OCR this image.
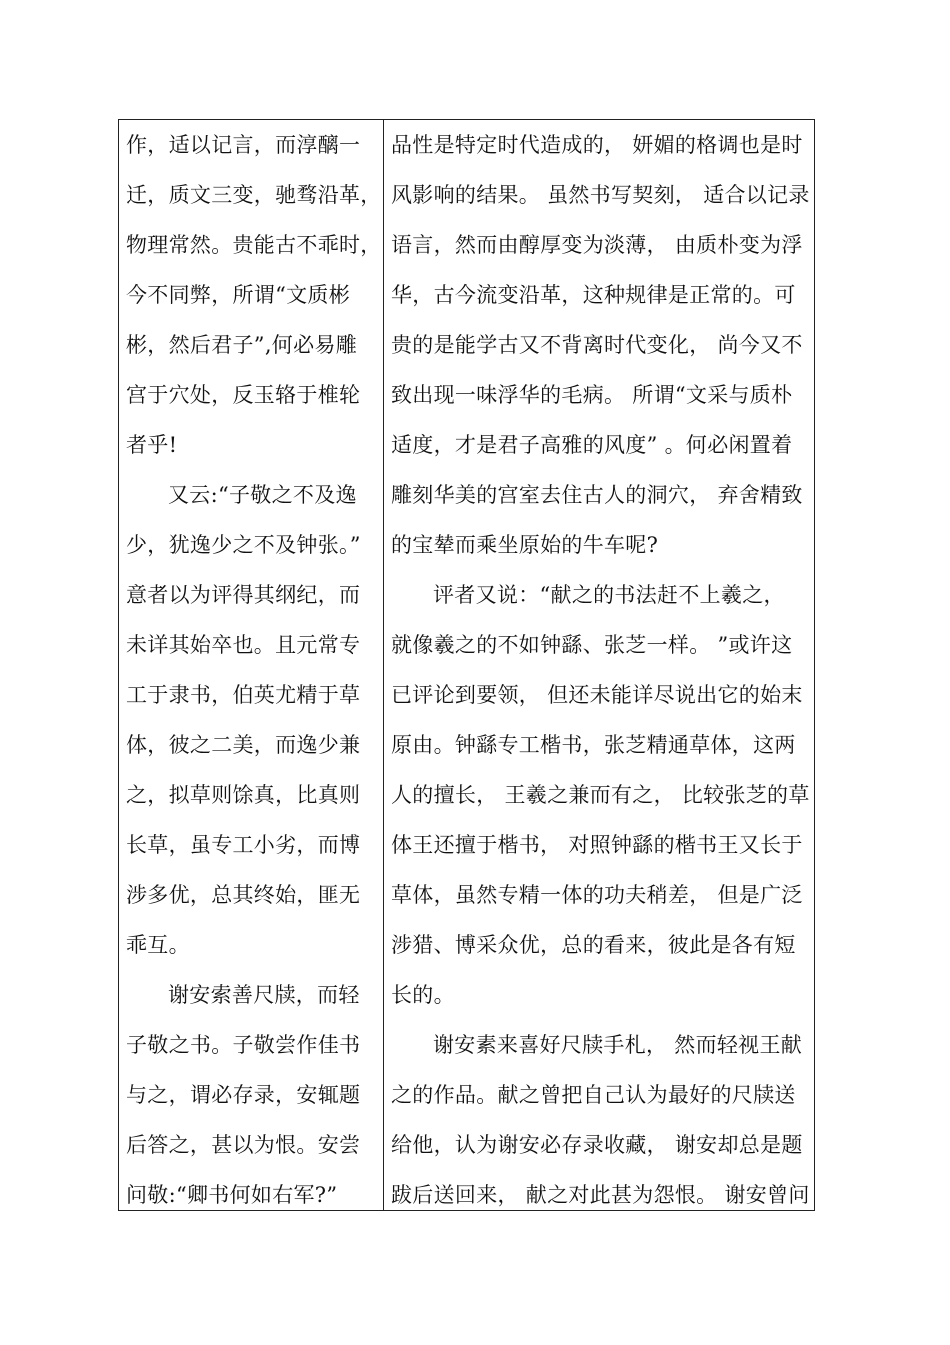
作，适以记言，而淳醨一
迁，质文三变，驰骛沿革，
物理常然。贵能古不乖时，
今不同弊，所谓“文质彬
彬，然后君子”,何必易雕
宫于穴处，反玉辂于椎轮
者乎!
又云:“子敬之不及逸
少，犹逸少之不及钟张。”
意者以为评得其纲纪，而
未详其始卒也。且元常专
工于隶书，伯英尤精于草
体，彼之二美，而逸少兼
之，拟草则馀真，比真则
长草，虽专工小劣，而博
涉多优，总其终始，匪无
乖互。
谢安索善尺牍，而轻
子敬之书。子敬尝作佳书
与之，谓必存录，安辄题
后答之，甚以为恨。安尝
问敬:“卿书何如右军?”
品性是特定时代造成的， 妍媚的格调也是时
风影响的结果。 虽然书写契刻， 适合以记录
语言，然而由醇厚变为淡薄， 由质朴变为浮
华，古今流变沿革，这种规律是正常的。可
贵的是能学古又不背离时代变化， 尚今又不
致出现一味浮华的毛病。 所谓“文采与质朴
适度，才是君子高雅的风度” 。何必闲置着
雕刻华美的宫室去住古人的洞穴， 弃舍精致
的宝辇而乘坐原始的牛车呢?
评者又说：“献之的书法赶不上羲之，
就像羲之的不如钟繇、张芝一样。 ”或许这
已评论到要领， 但还未能详尽说出它的始末
原由。钟繇专工楷书，张芝精通草体，这两
人的擅长， 王羲之兼而有之， 比较张芝的草
体王还擅于楷书， 对照钟繇的楷书王又长于
草体，虽然专精一体的功夫稍差， 但是广泛
涉猎、博采众优，总的看来，彼此是各有短
长的。
谢安素来喜好尺牍手札， 然而轻视王献
之的作品。献之曾把自己认为最好的尺牍送
给他，认为谢安必存录收藏， 谢安却总是题
跋后送回来， 献之对此甚为怨恨。 谢安曾问
